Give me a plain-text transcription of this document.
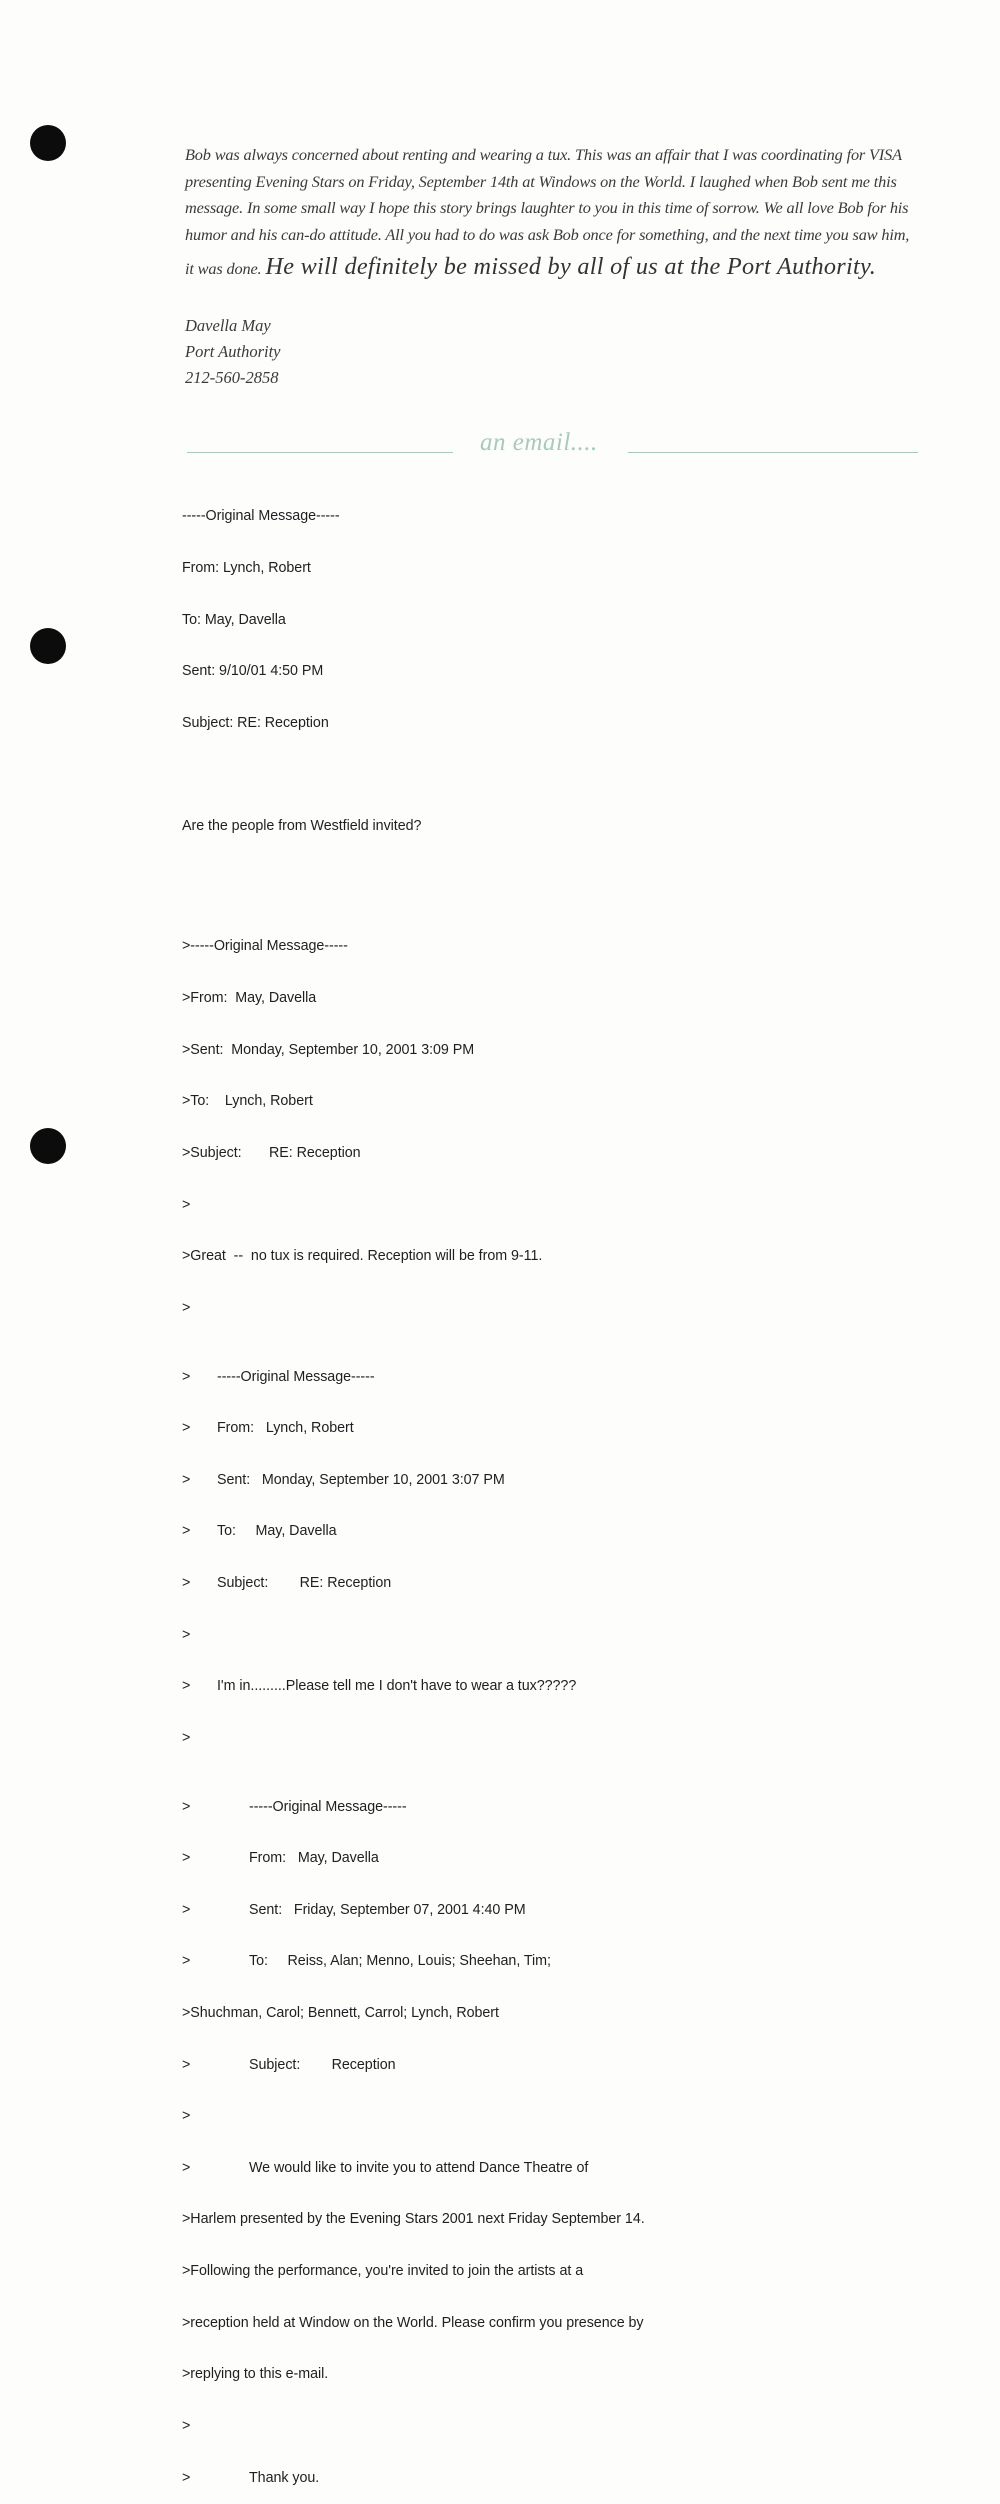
Bob was always concerned about renting and wearing a tux. This was an affair that I was coordinating for VISA
presenting Evening Stars on Friday, September 14th at Windows on the World. I laughed when Bob sent me this
message. In some small way I hope this story brings laughter to you in this time of sorrow. We all love Bob for his
humor and his can-do attitude. All you had to do was ask Bob once for something, and the next time you saw him,
it was done. He will definitely be missed by all of us at the Port Authority.
Davella May
Port Authority
212-560-2858
an email....

-----Original Message-----

From: Lynch, Robert

To: May, Davella

Sent: 9/10/01 4:50 PM

Subject: RE: Reception

Are the people from Westfield invited?

>-----Original Message-----

>From:  May, Davella

>Sent:  Monday, September 10, 2001 3:09 PM

>To:    Lynch, Robert

>Subject:       RE: Reception

>

>Great  --  no tux is required. Reception will be from 9-11.

>

>	-----Original Message-----

>	From:   Lynch, Robert

>	Sent:   Monday, September 10, 2001 3:07 PM

>	To:     May, Davella

>	Subject:        RE: Reception

>

>	I'm in.........Please tell me I don't have to wear a tux?????

>

>	-----Original Message-----

>	From:   May, Davella

>	Sent:   Friday, September 07, 2001 4:40 PM

>	To:     Reiss, Alan; Menno, Louis; Sheehan, Tim;

>Shuchman, Carol; Bennett, Carrol; Lynch, Robert

>	Subject:        Reception

>

>	We would like to invite you to attend Dance Theatre of

>Harlem presented by the Evening Stars 2001 next Friday September 14.

>Following the performance, you're invited to join the artists at a

>reception held at Window on the World. Please confirm you presence by

>replying to this e-mail.

>

>	Thank you.
